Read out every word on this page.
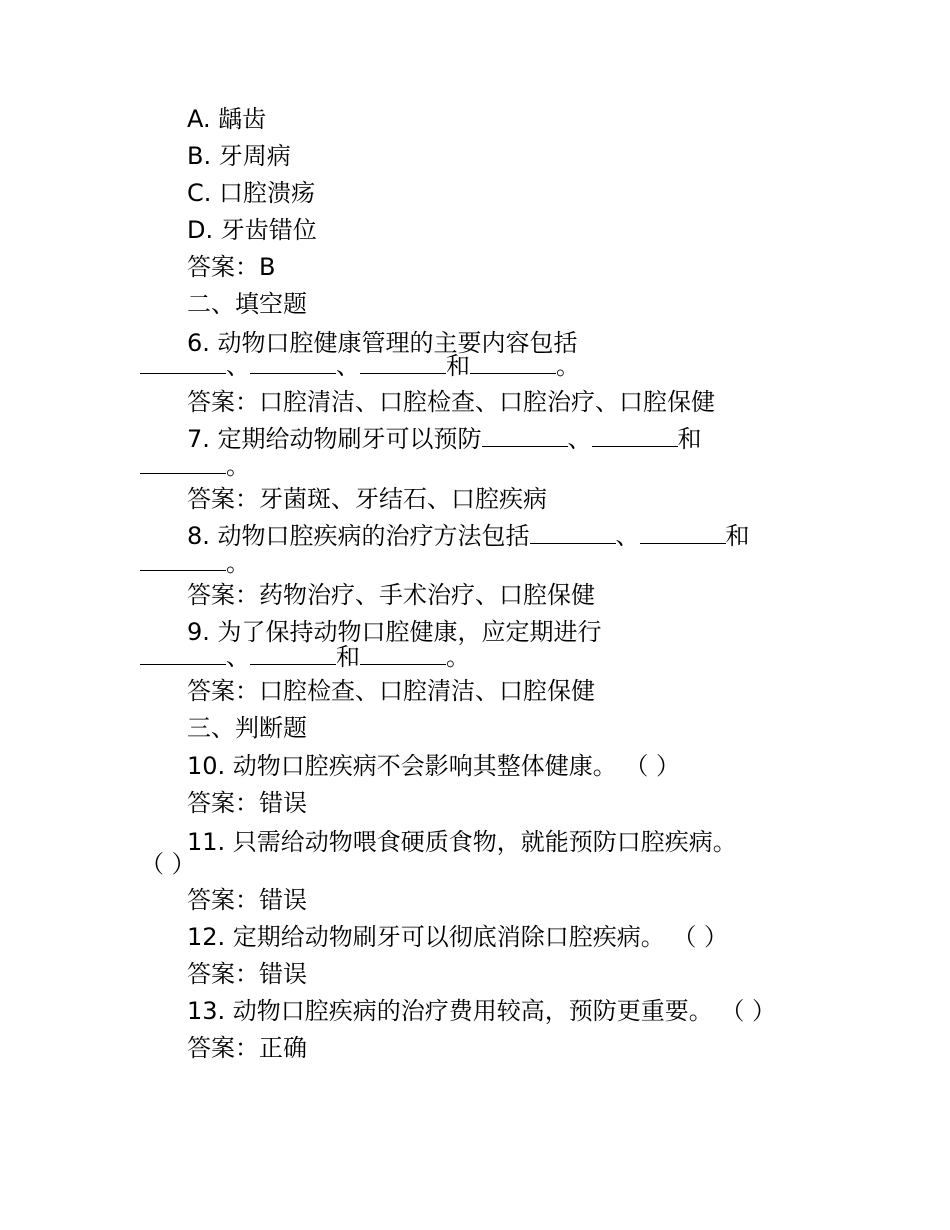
A. 龋齿
B. 牙周病
C. 口腔溃疡
D. 牙齿错位
答案：B
二、填空题
6. 动物口腔健康管理的主要内容包括
、	、	和	。
答案：口腔清洁、口腔检查、口腔治疗、口腔保健
7. 定期给动物刷牙可以预防	、	和
。
答案：牙菌斑、牙结石、口腔疾病
8. 动物口腔疾病的治疗方法包括	、	和
。
答案：药物治疗、手术治疗、口腔保健
9. 为了保持动物口腔健康，应定期进行
、	和	。
答案：口腔检查、口腔清洁、口腔保健
三、判断题
10. 动物口腔疾病不会影响其整体健康。 （ ）
答案：错误
11. 只需给动物喂食硬质食物，就能预防口腔疾病。
（ ）
答案：错误
12. 定期给动物刷牙可以彻底消除口腔疾病。 （ ）
答案：错误
13. 动物口腔疾病的治疗费用较高，预防更重要。 （ ）
答案：正确
